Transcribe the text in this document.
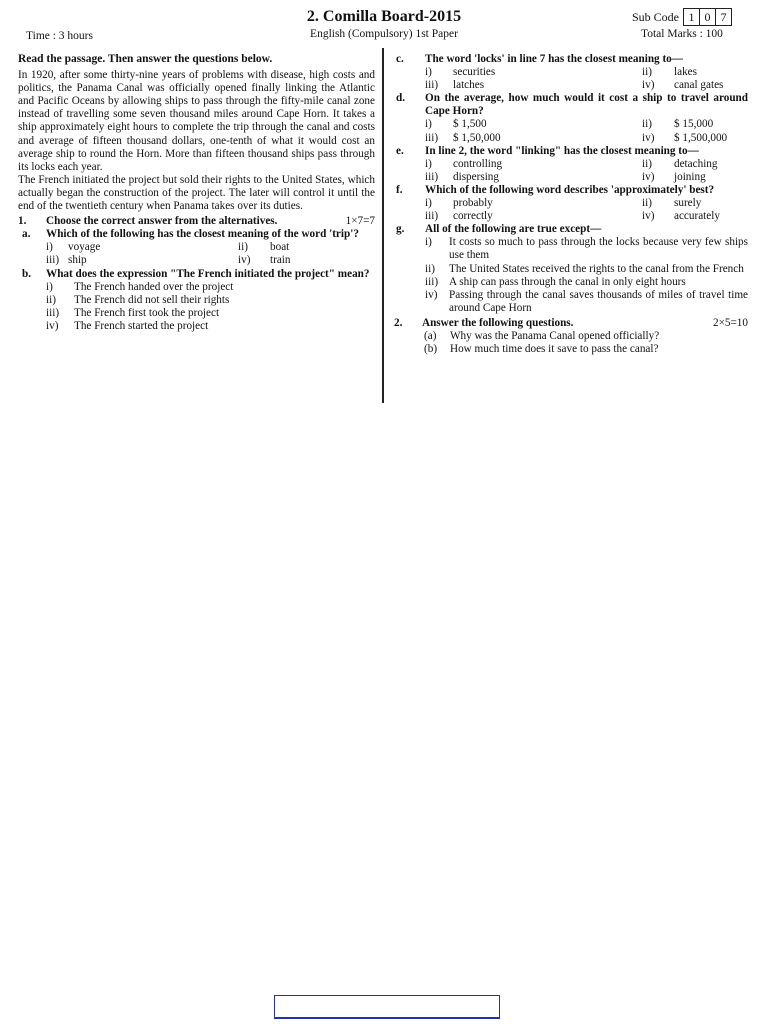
2. Comilla Board-2015
English (Compulsory) 1st Paper
Time : 3 hours
Sub Code 1 0 7
Total Marks : 100
Read the passage. Then answer the questions below.

In 1920, after some thirty-nine years of problems with disease, high costs and politics, the Panama Canal was officially opened finally linking the Atlantic and Pacific Oceans by allowing ships to pass through the fifty-mile canal zone instead of travelling some seven thousand miles around Cape Horn. It takes a ship approximately eight hours to complete the trip through the canal and costs and average of fifteen thousand dollars, one-tenth of what it would cost an average ship to round the Horn. More than fifteen thousand ships pass through its locks each year.

The French initiated the project but sold their rights to the United States, which actually began the construction of the project. The later will control it until the end of the twentieth century when Panama takes over its duties.

1.	Choose the correct answer from the alternatives.	1×7=7
a.	Which of the following has the closest meaning of the word 'trip'?
i)	voyage	ii)	boat
iii) ship	iv)	train
b.	What does the expression "The French initiated the project" mean?
i)	The French handed over the project
ii)	The French did not sell their rights
iii)	The French first took the project
iv)	The French started the project
c.	The word 'locks' in line 7 has the closest meaning to—
i)	securities	ii)	lakes
iii)	latches	iv)	canal gates
d.	On the average, how much would it cost a ship to travel around Cape Horn?
i)	$ 1,500	ii)	$ 15,000
iii)	$ 1,50,000	iv)	$ 1,500,000
e.	In line 2, the word "linking" has the closest meaning to—
i)	controlling	ii)	detaching
iii)	dispersing	iv)	joining
f.	Which of the following word describes 'approximately' best?
i)	probably	ii)	surely
iii)	correctly	iv)	accurately
g.	All of the following are true except—
i)	It costs so much to pass through the locks because very few ships use them
ii)	The United States received the rights to the canal from the French
iii) A ship can pass through the canal in only eight hours
iv)	Passing through the canal saves thousands of miles of travel time around Cape Horn
2.	Answer the following questions.	2×5=10
(a)	Why was the Panama Canal opened officially?
(b)	How much time does it save to pass the canal?
